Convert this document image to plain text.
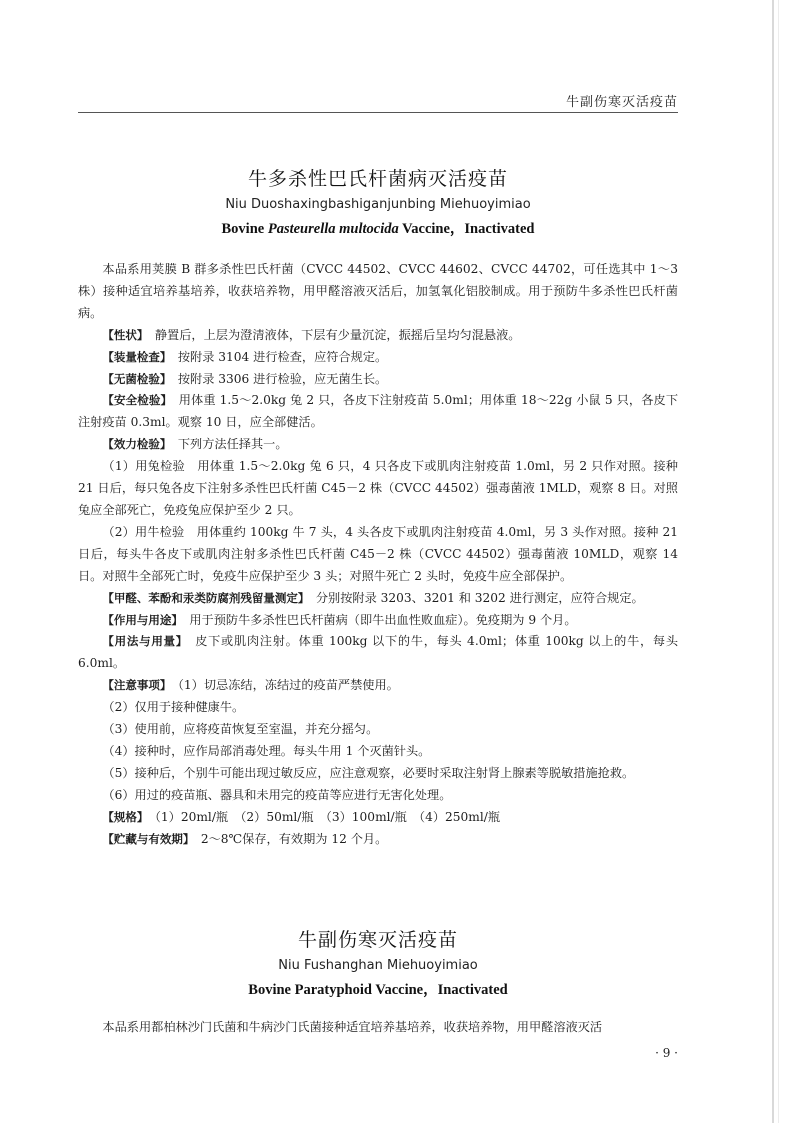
牛副伤寒灭活疫苗
牛多杀性巴氏杆菌病灭活疫苗
Niu Duoshaxingbashiganjunbing Miehuoyimiao
Bovine Pasteurella multocida Vaccine，Inactivated

本品系用荚膜 B 群多杀性巴氏杆菌（CVCC 44502、CVCC 44602、CVCC 44702，可任选其中 1～3 株）接种适宜培养基培养，收获培养物，用甲醛溶液灭活后，加氢氧化铝胶制成。用于预防牛多杀性巴氏杆菌病。

【性状】　 静置后，上层为澄清液体，下层有少量沉淀，振摇后呈均匀混悬液。

【装量检查】　 按附录 3104 进行检查，应符合规定。

【无菌检验】　 按附录 3306 进行检验，应无菌生长。

【安全检验】　 用体重 1.5～2.0kg 兔 2 只，各皮下注射疫苗 5.0ml；用体重 18～22g 小鼠 5 只，各皮下注射疫苗 0.3ml。观察 10 日，应全部健活。

【效力检验】　 下列方法任择其一。

（1）用兔检验　用体重 1.5～2.0kg 兔 6 只，4 只各皮下或肌肉注射疫苗 1.0ml，另 2 只作对照。接种 21 日后，每只兔各皮下注射多杀性巴氏杆菌 C45－2 株（CVCC 44502）强毒菌液 1MLD，观察 8 日。对照兔应全部死亡，免疫兔应保护至少 2 只。

（2）用牛检验　用体重约 100kg 牛 7 头，4 头各皮下或肌肉注射疫苗 4.0ml，另 3 头作对照。接种 21 日后，每头牛各皮下或肌肉注射多杀性巴氏杆菌 C45－2 株（CVCC 44502）强毒菌液 10MLD，观察 14 日。对照牛全部死亡时，免疫牛应保护至少 3 头；对照牛死亡 2 头时，免疫牛应全部保护。

【甲醛、苯酚和汞类防腐剂残留量测定】　 分别按附录 3203、3201 和 3202 进行测定，应符合规定。

【作用与用途】　 用于预防牛多杀性巴氏杆菌病（即牛出血性败血症）。免疫期为 9 个月。

【用法与用量】　 皮下或肌肉注射。体重 100kg 以下的牛，每头 4.0ml；体重 100kg 以上的牛，每头 6.0ml。

【注意事项】　 （1）切忌冻结，冻结过的疫苗严禁使用。

（2）仅用于接种健康牛。

（3）使用前，应将疫苗恢复至室温，并充分摇匀。

（4）接种时，应作局部消毒处理。每头牛用 1 个灭菌针头。

（5）接种后，个别牛可能出现过敏反应，应注意观察，必要时采取注射肾上腺素等脱敏措施抢救。

（6）用过的疫苗瓶、器具和未用完的疫苗等应进行无害化处理。

【规格】　 （1）20ml/瓶　（2）50ml/瓶　（3）100ml/瓶　（4）250ml/瓶

【贮藏与有效期】　 2～8℃保存，有效期为 12 个月。

牛副伤寒灭活疫苗
Niu Fushanghan Miehuoyimiao
Bovine Paratyphoid Vaccine，Inactivated
本品系用都柏林沙门氏菌和牛病沙门氏菌接种适宜培养基培养，收获培养物，用甲醛溶液灭活
· 9 ·
